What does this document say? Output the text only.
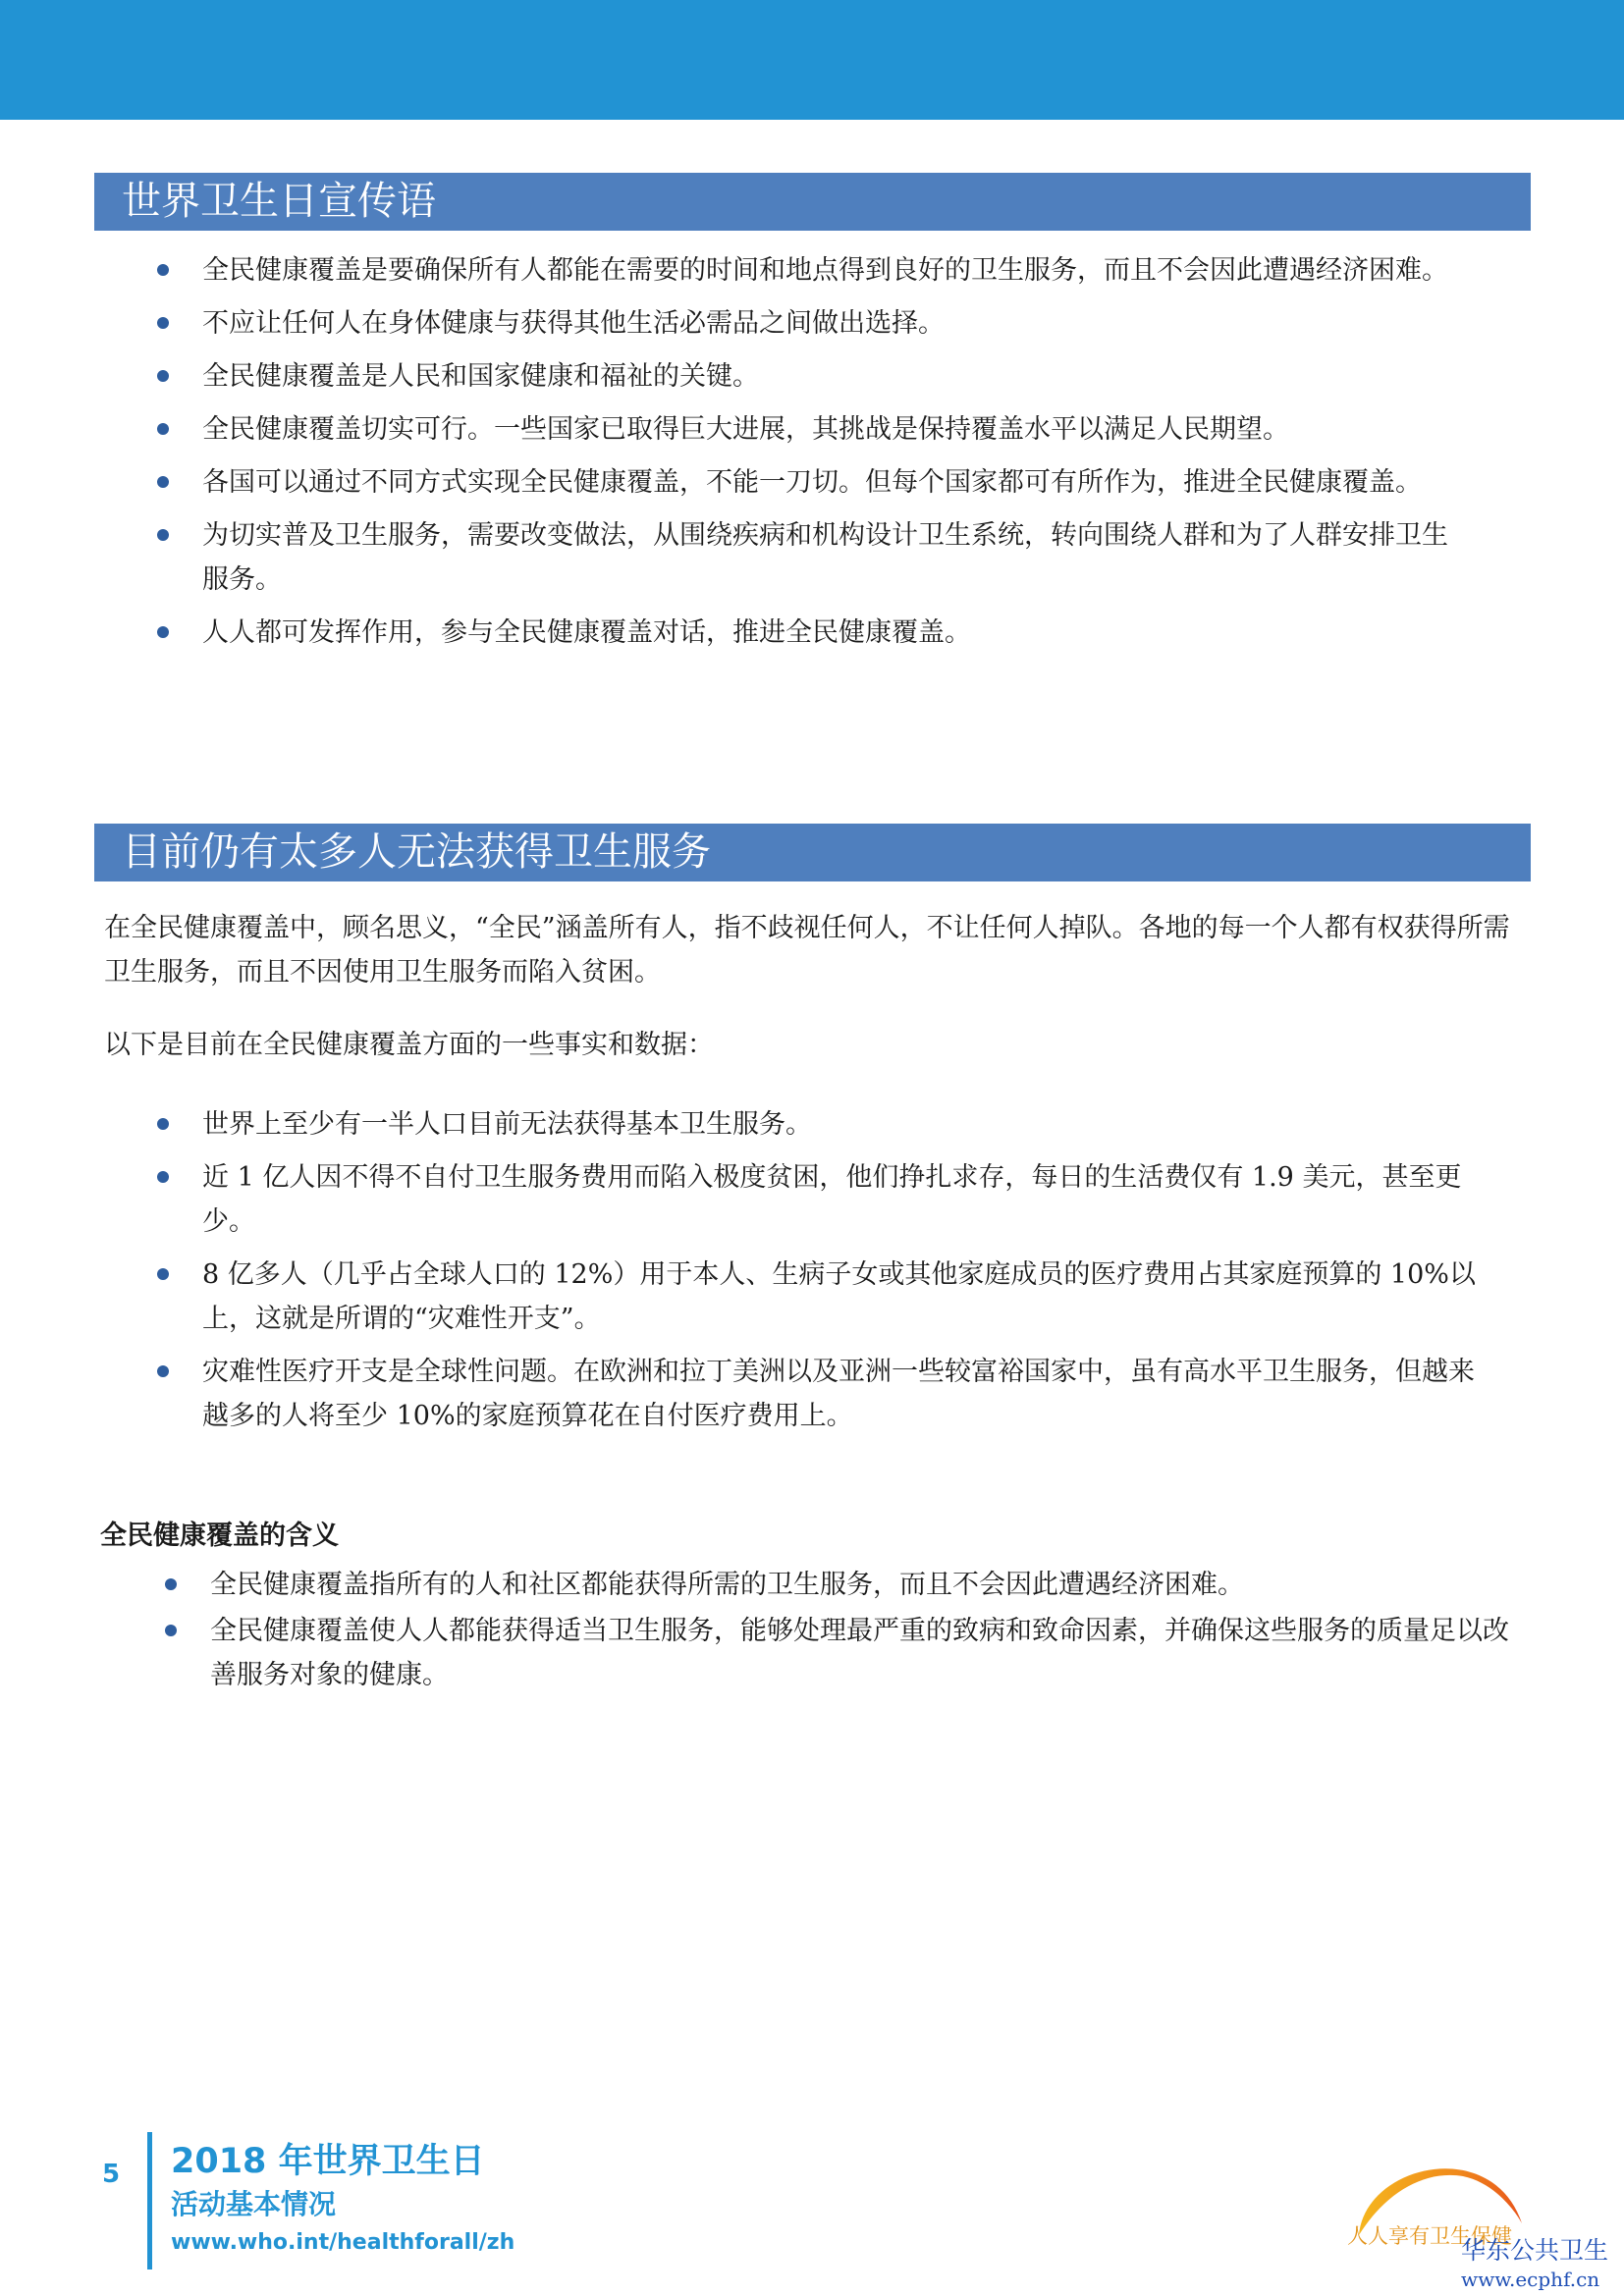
世界卫生日宣传语
全民健康覆盖是要确保所有人都能在需要的时间和地点得到良好的卫生服务，而且不会因此遭遇经济困难。
不应让任何人在身体健康与获得其他生活必需品之间做出选择。
全民健康覆盖是人民和国家健康和福祉的关键。
全民健康覆盖切实可行。一些国家已取得巨大进展，其挑战是保持覆盖水平以满足人民期望。
各国可以通过不同方式实现全民健康覆盖，不能一刀切。但每个国家都可有所作为，推进全民健康覆盖。
为切实普及卫生服务，需要改变做法，从围绕疾病和机构设计卫生系统，转向围绕人群和为了人群安排卫生服务。
人人都可发挥作用，参与全民健康覆盖对话，推进全民健康覆盖。
目前仍有太多人无法获得卫生服务

在全民健康覆盖中，顾名思义，“全民”涵盖所有人，指不歧视任何人，不让任何人掉队。各地的每一个人都有权获得所需卫生服务，而且不因使用卫生服务而陷入贫困。

以下是目前在全民健康覆盖方面的一些事实和数据：

世界上至少有一半人口目前无法获得基本卫生服务。
近 1 亿人因不得不自付卫生服务费用而陷入极度贫困，他们挣扎求存，每日的生活费仅有 1.9 美元，甚至更少。
8 亿多人（几乎占全球人口的 12%）用于本人、生病子女或其他家庭成员的医疗费用占其家庭预算的 10%以上，这就是所谓的“灾难性开支”。
灾难性医疗开支是全球性问题。在欧洲和拉丁美洲以及亚洲一些较富裕国家中，虽有高水平卫生服务，但越来越多的人将至少 10%的家庭预算花在自付医疗费用上。

全民健康覆盖的含义

全民健康覆盖指所有的人和社区都能获得所需的卫生服务，而且不会因此遭遇经济困难。
全民健康覆盖使人人都能获得适当卫生服务，能够处理最严重的致病和致命因素，并确保这些服务的质量足以改善服务对象的健康。
5 2018 年世界卫生日
活动基本情况
www.who.int/healthforall/zh	人人享有卫生保健
华东公共卫生
www.ecphf.cn
